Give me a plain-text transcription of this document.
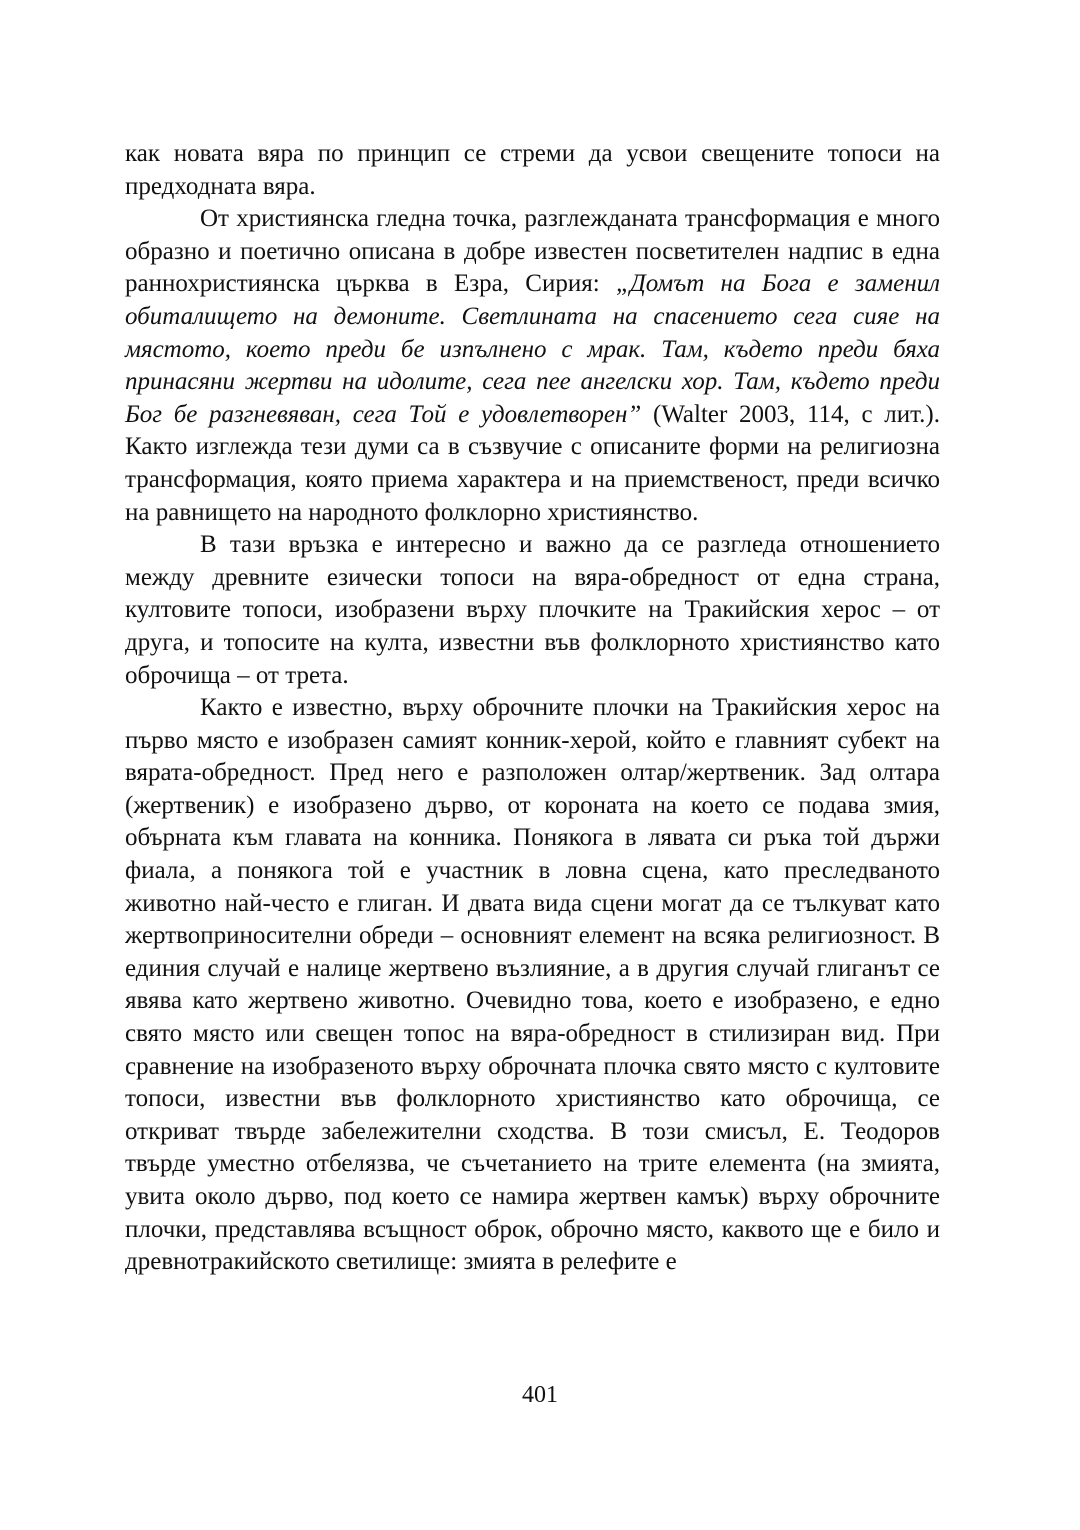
как новата вяра по принцип се стреми да усвои свещените топоси на предходната вяра.

От християнска гледна точка, разглежданата трансформация е много образно и поетично описана в добре известен посветителен надпис в една раннохристиянска църква в Езра, Сирия: „Домът на Бога е заменил обиталището на демоните. Светлината на спасението сега сияе на мястото, което преди бе изпълнено с мрак. Там, където преди бяха принасяни жертви на идолите, сега пее ангелски хор. Там, където преди Бог бе разгневяван, сега Той е удовлетворен” (Walter 2003, 114, с лит.). Както изглежда тези думи са в съзвучие с описаните форми на религиозна трансформация, която приема характера и на приемственост, преди всичко на равнището на народното фолклорно християнство.

В тази връзка е интересно и важно да се разгледа отношението между древните езически топоси на вяра-обредност от една страна, култовите топоси, изобразени върху плочките на Тракийския херос – от друга, и топосите на култа, известни във фолклорното християнство като оброчища – от трета.

Както е известно, върху оброчните плочки на Тракийския херос на първо място е изобразен самият конник-херой, който е главният субект на вярата-обредност. Пред него е разположен олтар/жертвеник. Зад олтара (жертвеник) е изобразено дърво, от короната на което се подава змия, обърната към главата на конника. Понякога в лявата си ръка той държи фиала, а понякога той е участник в ловна сцена, като преследваното животно най-често е глиган. И двата вида сцени могат да се тълкуват като жертвоприносителни обреди – основният елемент на всяка религиозност. В единия случай е налице жертвено възлияние, а в другия случай глиганът се явява като жертвено животно. Очевидно това, което е изобразено, е едно свято място или свещен топос на вяра-обредност в стилизиран вид. При сравнение на изобразеното върху оброчната плочка свято място с култовите топоси, известни във фолклорното християнство като оброчища, се откриват твърде забележителни сходства. В този смисъл, Е. Теодоров твърде уместно отбелязва, че съчетанието на трите елемента (на змията, увита около дърво, под което се намира жертвен камък) върху оброчните плочки, представлява всъщност оброк, оброчно място, каквото ще е било и древнотракийското светилище: змията в релефите е

401
